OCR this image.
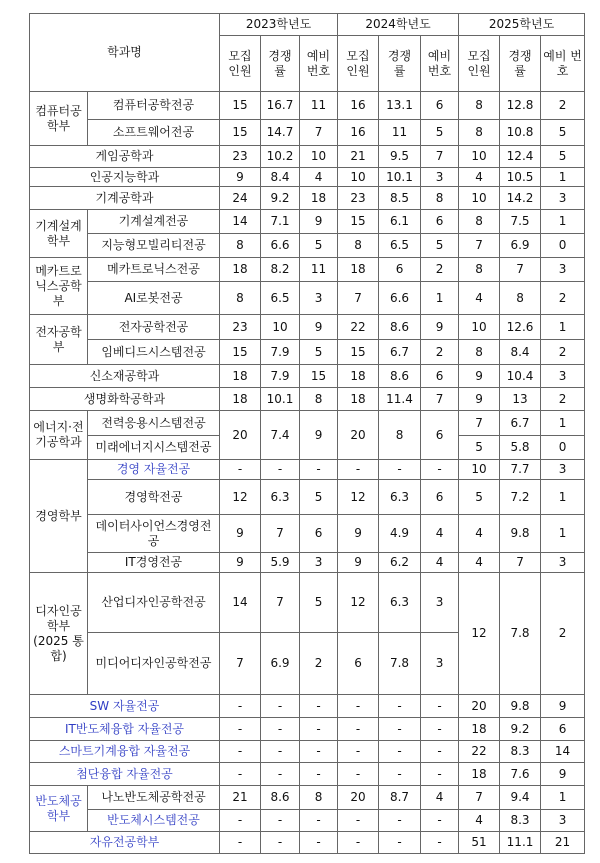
학과명		2023학년도			2024학년도			2025학년도		
		모집 인원	경쟁 률	예비 번호	모집 인원	경쟁 률	예비 번호	모집 인원	경쟁 률	예비 번호
컴퓨터공학부	컴퓨터공학전공	15	16.7	11	16	13.1	6	8	12.8	2
	소프트웨어전공	15	14.7	7	16	11	5	8	10.8	5
게임공학과		23	10.2	10	21	9.5	7	10	12.4	5
인공지능학과		9	8.4	4	10	10.1	3	4	10.5	1
기계공학과		24	9.2	18	23	8.5	8	10	14.2	3
기계설계학부	기계설계전공	14	7.1	9	15	6.1	6	8	7.5	1
	지능형모빌리티전공	8	6.6	5	8	6.5	5	7	6.9	0
메카트로닉스공학부	메카트로닉스전공	18	8.2	11	18	6	2	8	7	3
	AI로봇전공	8	6.5	3	7	6.6	1	4	8	2
전자공학부	전자공학전공	23	10	9	22	8.6	9	10	12.6	1
	임베디드시스템전공	15	7.9	5	15	6.7	2	8	8.4	2
신소재공학과		18	7.9	15	18	8.6	6	9	10.4	3
생명화학공학과		18	10.1	8	18	11.4	7	9	13	2
에너지·전기공학과	전력응용시스템전공	20	7.4	9	20	8	6	7	6.7	1
	미래에너지시스템전공							5	5.8	0
경영학부	경영 자율전공	-	-	-	-	-	-	10	7.7	3
	경영학전공	12	6.3	5	12	6.3	6	5	7.2	1
	데이터사이언스경영전공	9	7	6	9	4.9	4	4	9.8	1
	IT경영전공	9	5.9	3	9	6.2	4	4	7	3
디자인공학부 (2025 통합)	산업디자인공학전공	14	7	5	12	6.3	3	12	7.8	2
	미디어디자인공학전공	7	6.9	2	6	7.8	3			
SW 자율전공		-	-	-	-	-	-	20	9.8	9
IT반도체융합 자율전공		-	-	-	-	-	-	18	9.2	6
스마트기계융합 자율전공		-	-	-	-	-	-	22	8.3	14
첨단융합 자율전공		-	-	-	-	-	-	18	7.6	9
반도체공학부	나노반도체공학전공	21	8.6	8	20	8.7	4	7	9.4	1
	반도체시스템전공	-	-	-	-	-	-	4	8.3	3
자유전공학부		-	-	-	-	-	-	51	11.1	21
